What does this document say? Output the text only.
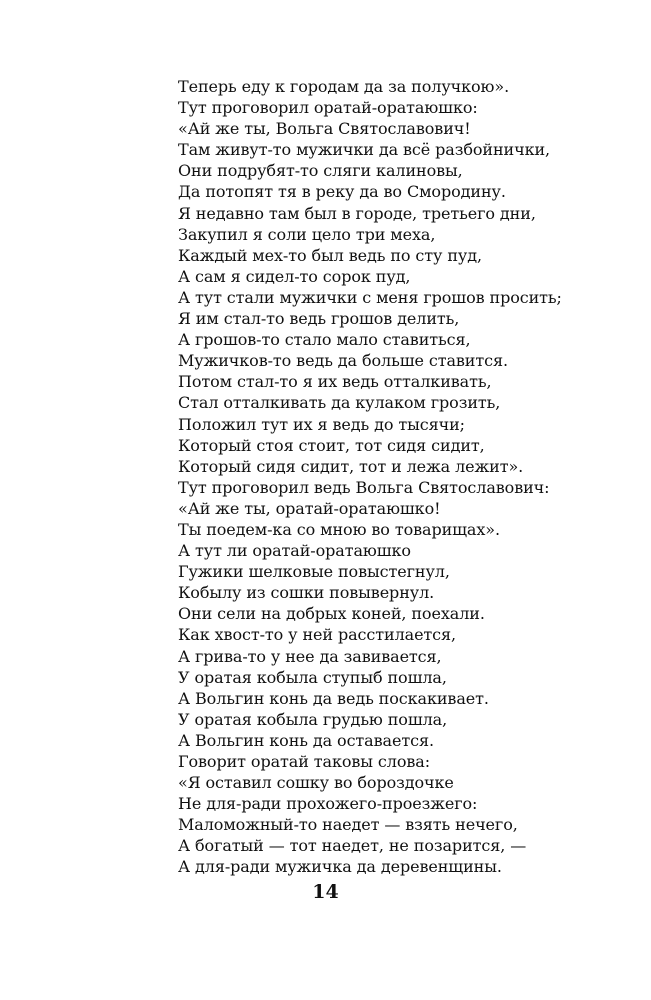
Теперь еду к городам да за получкою».
Тут проговорил оратай-оратаюшко:
«Ай же ты, Вольга Святославович!
Там живут-то мужички да всё разбойнички,
Они подрубят-то сляги калиновы,
Да потопят тя в реку да во Смородину.
Я недавно там был в городе, третьего дни,
Закупил я соли цело три меха,
Каждый мех-то был ведь по сту пуд,
А сам я сидел-то сорок пуд,
А тут стали мужички с меня грошов просить;
Я им стал-то ведь грошов делить,
А грошов-то стало мало ставиться,
Мужичков-то ведь да больше ставится.
Потом стал-то я их ведь отталкивать,
Стал отталкивать да кулаком грозить,
Положил тут их я ведь до тысячи;
Который стоя стоит, тот сидя сидит,
Который сидя сидит, тот и лежа лежит».
Тут проговорил ведь Вольга Святославович:
«Ай же ты, оратай-оратаюшко!
Ты поедем-ка со мною во товарищах».
А тут ли оратай-оратаюшко
Гужики шелковые повыстегнул,
Кобылу из сошки повывернул.
Они сели на добрых коней, поехали.
Как хвост-то у ней расстилается,
А грива-то у нее да завивается,
У оратая кобыла ступыб пошла,
А Вольгин конь да ведь поскакивает.
У оратая кобыла грудью пошла,
А Вольгин конь да оставается.
Говорит оратай таковы слова:
«Я оставил сошку во бороздочке
Не для-ради прохожего-проезжего:
Маломожный-то наедет — взять нечего,
А богатый — тот наедет, не позарится, —
А для-ради мужичка да деревенщины.
14
